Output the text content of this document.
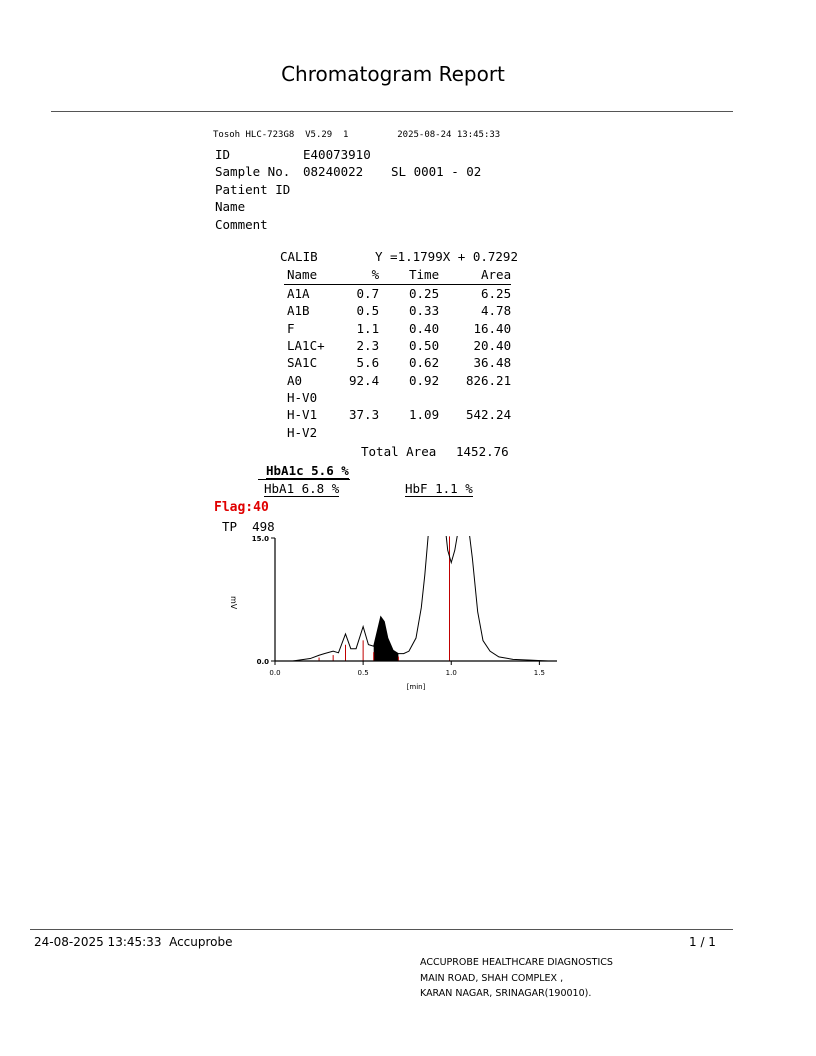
Chromatogram Report
Tosoh HLC-723G8  V5.29  1	2025-08-24 13:45:33
ID	E40073910
Sample No. 08240022 SL 0001 - 02
Patient ID
Name
Comment
CALIB	Y =1.1799X + 0.7292
Name	%	Time	Area
A1A	0.7	0.25	6.25
A1B	0.5	0.33	4.78
F	1.1	0.40	16.40
LA1C+	2.3	0.50	20.40
SA1C	5.6	0.62	36.48
A0	92.4	0.92	826.21
H-V0			
H-V1	37.3	1.09	542.24
H-V2			
Total Area 1452.76
HbA1c 5.6 %
HbA1 6.8 %	HbF 1.1 %
Flag:40
TP  498
0.0	0.5	1.0	1.5
0.0
15.0
[min]
mV
24-08-2025 13:45:33  Accuprobe	1 / 1
ACCUPROBE HEALTHCARE DIAGNOSTICS
MAIN ROAD, SHAH COMPLEX ,
KARAN NAGAR, SRINAGAR(190010).
